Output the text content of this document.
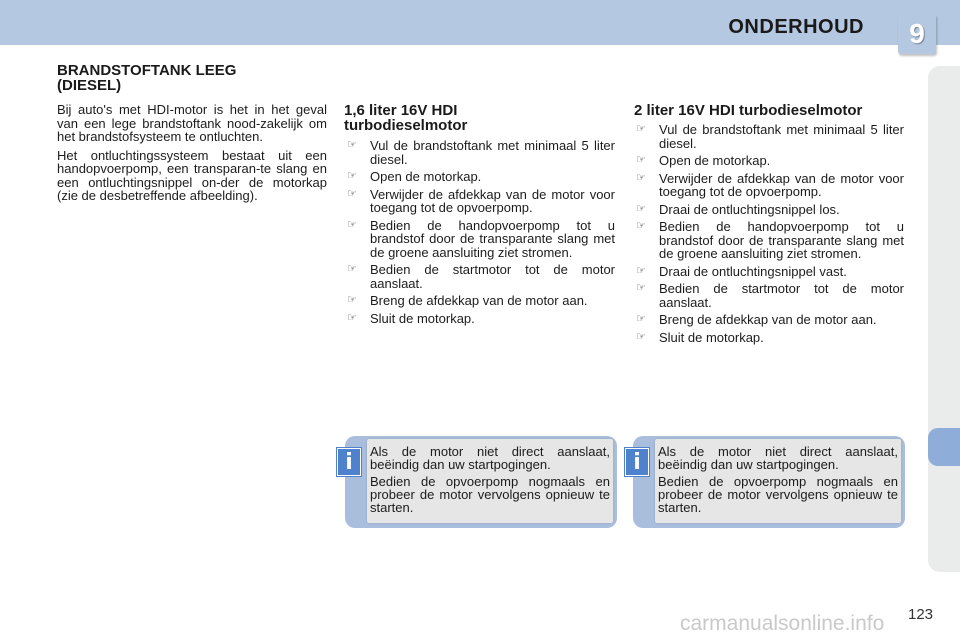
ONDERHOUD 9
BRANDSTOFTANK LEEG (DIESEL)

Bij auto's met HDI-motor is het in het geval van een lege brandstoftank nood-zakelijk om het brandstofsysteem te ontluchten.

Het ontluchtingssysteem bestaat uit een handopvoerpomp, een transparan-te slang en een ontluchtingsnippel on-der de motorkap (zie de desbetreffende afbeelding).

1,6 liter 16V HDI turbodieselmotor
☞ Vul de brandstoftank met minimaal 5 liter diesel.
☞ Open de motorkap.
☞ Verwijder de afdekkap van de motor voor toegang tot de opvoerpomp.
☞ Bedien de handopvoerpomp tot u brandstof door de transparante slang met de groene aansluiting ziet stromen.
☞ Bedien de startmotor tot de motor aanslaat.
☞ Breng de afdekkap van de motor aan.
☞ Sluit de motorkap.
2 liter 16V HDI turbodieselmotor
☞ Vul de brandstoftank met minimaal 5 liter diesel.
☞ Open de motorkap.
☞ Verwijder de afdekkap van de motor voor toegang tot de opvoerpomp.
☞ Draai de ontluchtingsnippel los.
☞ Bedien de handopvoerpomp tot u brandstof door de transparante slang met de groene aansluiting ziet stromen.
☞ Draai de ontluchtingsnippel vast.
☞ Bedien de startmotor tot de motor aanslaat.
☞ Breng de afdekkap van de motor aan.
☞ Sluit de motorkap.

Als de motor niet direct aanslaat, beëindig dan uw startpogingen.

Bedien de opvoerpomp nogmaals en probeer de motor vervolgens opnieuw te starten.

i	Als de motor niet direct aanslaat, beëindig dan uw startpogingen.

Bedien de opvoerpomp nogmaals en probeer de motor vervolgens opnieuw te starten.

i
carmanualsonline.info 123
